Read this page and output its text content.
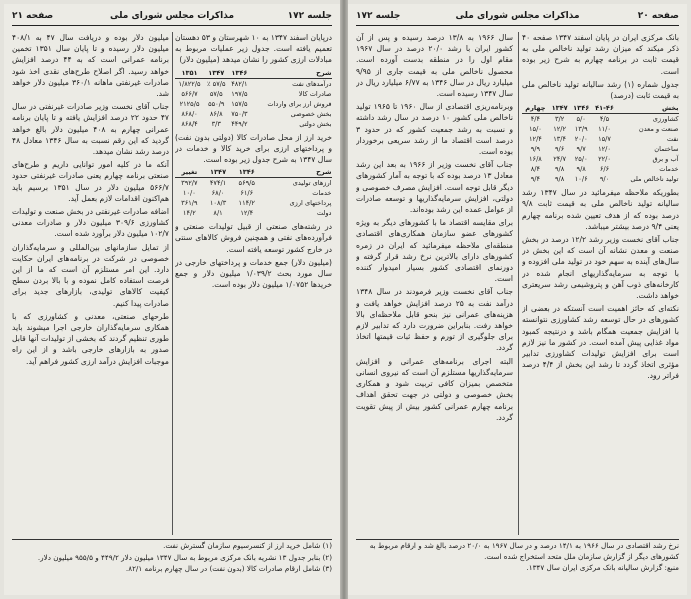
جلسه ۱۷۲
مذاکرات مجلس شورای ملی
صفحه ۲۱

درپایان اسفند ۱۳۴۷ به ۱۰ شهرستان و ۵۳ دهستان تعمیم یافته است. جدول زیر عملیات مربوط به مبادلات ارزی کشور را نشان میدهد (میلیون دلار)

شرح	۱۳۴۶	۱۳۴۷	۱۳۵۱
درآمدهای نفت	۴۸۲/۱	۵۷/۵ ٪	۱/۸۲۲/۵
صادرات کالا	۱۹۷/۵	۵۷/۵	۵۶۶/۷
فروش ارز برای واردات	۱۵۷/۵	۵۵۰/۹	۲۱۲۵/۵
بخش خصوصی	۷۵۰/۳	۸۶/۸	۸۶۸/۰
بخش دولتی	۴۴۹/۲	۳/۳	۸۶۸/۴

خرید ارز از محل صادرات کالا (دولتی بدون نفت) و پرداختهای ارزی برای خرید کالا و خدمات در سال ۱۳۴۷ به شرح جدول زیر بوده است.

شرح	۱۳۴۶	۱۳۴۷	تغییر
ارزهای تولیدی	۵۶۹/۵	۴۷۴/۱	۳۹۲/۷
خدمات	۶۱/۶	۶۸/۰	۱۰/۰
پرداختهای ارزی	۱۱۴/۲	۱۰۸/۳	۳۶۱/۹
دولت	۱۲/۴	۸/۱	۱۴/۲

در رشته‌های صنعتی از قبیل تولیدات صنعتی و فرآورده‌های نفتی و همچنین فروش کالاهای سنتی در خارج کشور توسعه یافته است.

(میلیون دلار) جمع خدمات و پرداختهای خارجی در سال مورد بحث ۱/۰۳۹/۲ میلیون دلار و جمع خریدها ۱/۰۷۵۲ میلیون دلار بوده است.

میلیون دلار بوده و دریافت سال ۴۷ به ۴۰۸/۱ میلیون دلار رسیده و تا پایان سال ۱۳۵۱ تخمین برنامه عمرانی است که به ۴۴ درصد افزایش خواهد رسید. اگر اصلاح طرح‌های نقدی اخذ شود صادرات غیرنفتی ماهانه ۳۶۰/۱ میلیون دلار خواهد شد.

جناب آقای نخست وزیر صادرات غیرنفتی در سال ۴۷ حدود ۲۲ درصد افزایش یافته و تا پایان برنامه عمرانی چهارم به ۴۰۸ میلیون دلار بالغ خواهد گردید که این رقم نسبت به سال ۱۳۴۶ معادل ۴۸ درصد رشد نشان میدهد.

آنکه ما در کلیه امور توانایی داریم و طرح‌های صنعتی برنامه چهارم یعنی صادرات غیرنفتی حدود ۵۶۶/۷ میلیون دلار در سال ۱۳۵۱ برسیم باید هم‌اکنون اقدامات لازم بعمل آید.

اضافه صادرات غیرنفتی در بخش صنعت و تولیدات کشاورزی ۳۰۹/۶ میلیون دلار و صادرات معدنی ۱۰۲/۷ میلیون دلار برآورد شده است.

از تمایل سازمانهای بین‌المللی و سرمایه‌گذاران خصوصی در شرکت در برنامه‌های ایران حکایت دارد. این امر مستلزم آن است که ما از این فرصت استفاده کامل نموده و با بالا بردن سطح کیفیت کالاهای تولیدی، بازارهای جدید برای صادرات پیدا کنیم.

طرحهای صنعتی، معدنی و کشاورزی که با همکاری سرمایه‌گذاران خارجی اجرا میشوند باید طوری تنظیم گردند که بخشی از تولیدات آنها قابل صدور به بازارهای خارجی باشد و از این راه موجبات افزایش درآمد ارزی کشور فراهم آید.

(۱) شامل خرید ارز از کنسرسیوم سازمان گسترش نفت.

(۲) بنابر جدول ۱۳ نشریه بانک مرکزی مربوط به سال ۱۳۴۷ میلیون دلار ۴۴۹/۲ و ۹۵۵/۵ میلیون دلار.

(۳) شامل ارقام صادرات کالا (بدون نفت) در سال چهارم برنامه ۸۲/۱.

صفحه ۲۰
مذاکرات مجلس شورای ملی
جلسه ۱۷۲

بانک مرکزی ایران در پایان اسفند ۱۳۴۷ صفحه ۴۰ ذکر میکند که میزان رشد تولید ناخالص ملی به قیمت ثابت در برنامه چهارم به شرح زیر بوده است.

جدول شماره (۱) رشد سالیانه تولید ناخالص ملی به قیمت ثابت (درصد)

بخش	۴۱-۴۶	۱۳۴۶	۱۳۴۷	چهارم
کشاورزی	۴/۵	۵/۰	۳/۲	۴/۴
صنعت و معدن	۱۱/۰	۱۳/۹	۱۲/۲	۱۵/۰
نفت	۱۵/۷	۲۰/۰	۱۳/۴	۱۲/۴
ساختمان	۱۲/۰	۹/۷	۹/۶	۹/۹
آب و برق	۲۲/۰	۲۵/۰	۲۴/۷	۱۶/۸
خدمات	۶/۶	۹/۸	۹/۸	۸/۴
تولید ناخالص ملی	۹/۰	۱۰/۶	۹/۸	۹/۴

بطوریکه ملاحظه میفرمائید در سال ۱۳۴۷ رشد سالیانه تولید ناخالص ملی به قیمت ثابت ۹/۸ درصد بوده که از هدف تعیین شده برنامه چهارم یعنی ۹/۴ درصد بیشتر میباشد.

جناب آقای نخست وزیر رشد ۱۲/۲ درصد در بخش صنعت و معدن نشانه آن است که این بخش در سال‌های آینده به سهم خود در تولید ملی افزوده و با توجه به سرمایه‌گذاریهای انجام شده در کارخانه‌های ذوب آهن و پتروشیمی رشد سریعتری خواهد داشت.

نکته‌ای که حائز اهمیت است آنستکه در بعضی از کشورهای در حال توسعه رشد کشاورزی نتوانسته با افزایش جمعیت همگام باشد و درنتیجه کمبود مواد غذایی پیش آمده است. در کشور ما نیز لازم است برای افزایش تولیدات کشاورزی تدابیر مؤثری اتخاذ گردد تا رشد این بخش از ۴/۴ درصد فراتر رود.

سال ۱۹۶۶ به ۱۳/۸ درصد رسیده و پس از آن کشور ایران با رشد ۲۰/۰ درصد در سال ۱۹۶۷ مقام اول را در منطقه بدست آورده است. محصول ناخالص ملی به قیمت جاری از ۹/۹۵ میلیارد ریال در سال ۱۳۴۶ به ۶/۷۷ میلیارد ریال در سال ۱۳۴۷ رسیده است.

وبرنامه‌ریزی اقتصادی از سال ۱۹۶۰ تا ۱۹۶۵ تولید ناخالص ملی کشور ۱۰ درصد در سال رشد داشته و نسبت به رشد جمعیت کشور که در حدود ۳ درصد است اقتصاد ما از رشد سریعی برخوردار بوده است.

جناب آقای نخست وزیر از ۱۹۶۶ به بعد این رشد معادل ۱۳ درصد بوده که با توجه به آمار کشورهای دیگر قابل توجه است. افزایش مصرف خصوصی و دولتی، افزایش سرمایه‌گذاریها و توسعه صادرات از عوامل عمده این رشد بوده‌اند.

برای مقایسه اقتصاد ما با کشورهای دیگر به ویژه کشورهای عضو سازمان همکاری‌های اقتصادی منطقه‌ای ملاحظه میفرمائید که ایران در زمره کشورهای دارای بالاترین نرخ رشد قرار گرفته و دورنمای اقتصادی کشور بسیار امیدوار کننده است.

جناب آقای نخست وزیر فرمودند در سال ۱۳۴۸ درآمد نفت به ۲۵ درصد افزایش خواهد یافت و هزینه‌های عمرانی نیز بنحو قابل ملاحظه‌ای بالا خواهد رفت. بنابراین ضرورت دارد که تدابیر لازم برای جلوگیری از تورم و حفظ ثبات قیمتها اتخاذ گردد.

البته اجرای برنامه‌های عمرانی و افزایش سرمایه‌گذاریها مستلزم آن است که نیروی انسانی متخصص بمیزان کافی تربیت شود و همکاری بخش خصوصی و دولتی در جهت تحقق اهداف برنامه چهارم عمرانی کشور بیش از پیش تقویت گردد.

نرخ رشد اقتصادی در سال ۱۹۶۶ به ۱۴/۱ درصد و در سال ۱۹۶۷ به ۲۰/۰ درصد بالغ شد و ارقام مربوط به کشورهای دیگر از گزارش سازمان ملل متحد استخراج شده است.

منبع: گزارش سالیانه بانک مرکزی ایران سال ۱۳۴۷.
